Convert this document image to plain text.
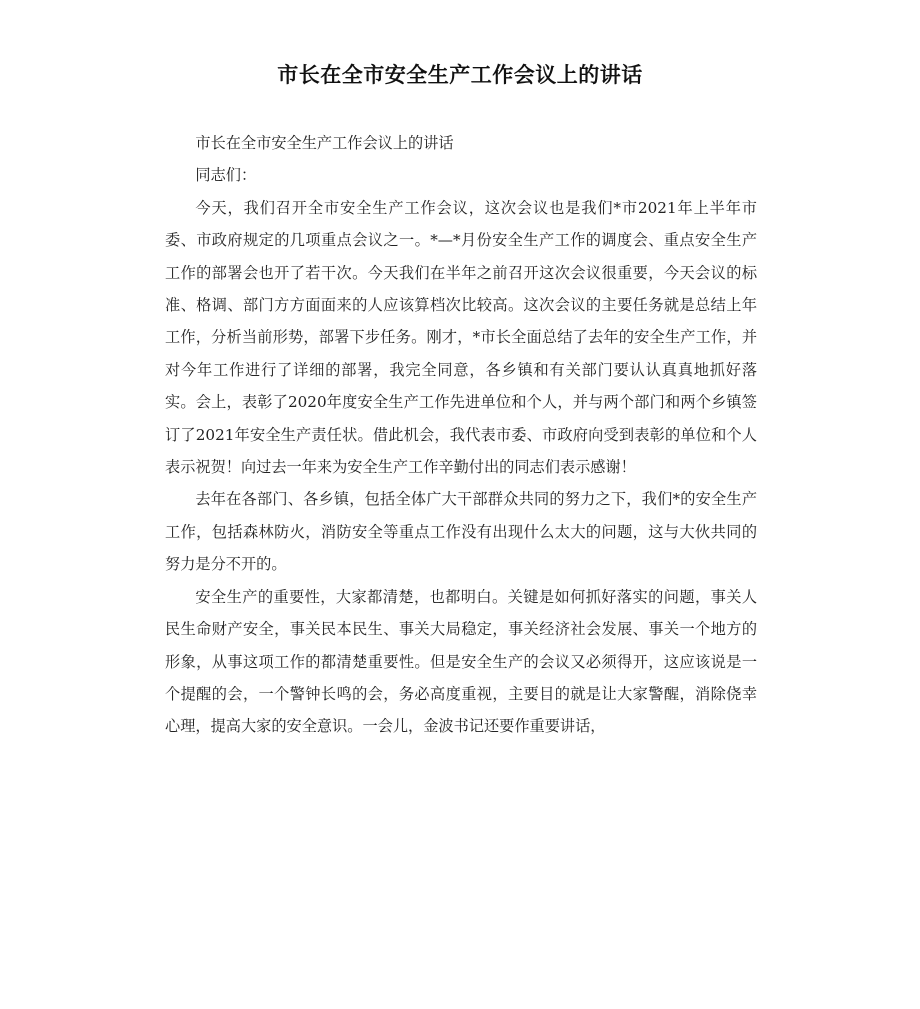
市长在全市安全生产工作会议上的讲话

市长在全市安全生产工作会议上的讲话

同志们：

今天，我们召开全市安全生产工作会议，这次会议也是我们*市2021年上半年市委、市政府规定的几项重点会议之一。*—*月份安全生产工作的调度会、重点安全生产工作的部署会也开了若干次。今天我们在半年之前召开这次会议很重要，今天会议的标准、格调、部门方方面面来的人应该算档次比较高。这次会议的主要任务就是总结上年工作，分析当前形势，部署下步任务。刚才，*市长全面总结了去年的安全生产工作，并对今年工作进行了详细的部署，我完全同意，各乡镇和有关部门要认认真真地抓好落实。会上，表彰了2020年度安全生产工作先进单位和个人，并与两个部门和两个乡镇签订了2021年安全生产责任状。借此机会，我代表市委、市政府向受到表彰的单位和个人表示祝贺！向过去一年来为安全生产工作辛勤付出的同志们表示感谢！

去年在各部门、各乡镇，包括全体广大干部群众共同的努力之下，我们*的安全生产工作，包括森林防火，消防安全等重点工作没有出现什么太大的问题，这与大伙共同的努力是分不开的。

安全生产的重要性，大家都清楚，也都明白。关键是如何抓好落实的问题，事关人民生命财产安全，事关民本民生、事关大局稳定，事关经济社会发展、事关一个地方的形象，从事这项工作的都清楚重要性。但是安全生产的会议又必须得开，这应该说是一个提醒的会，一个警钟长鸣的会，务必高度重视，主要目的就是让大家警醒，消除侥幸心理，提高大家的安全意识。一会儿，金波书记还要作重要讲话，
